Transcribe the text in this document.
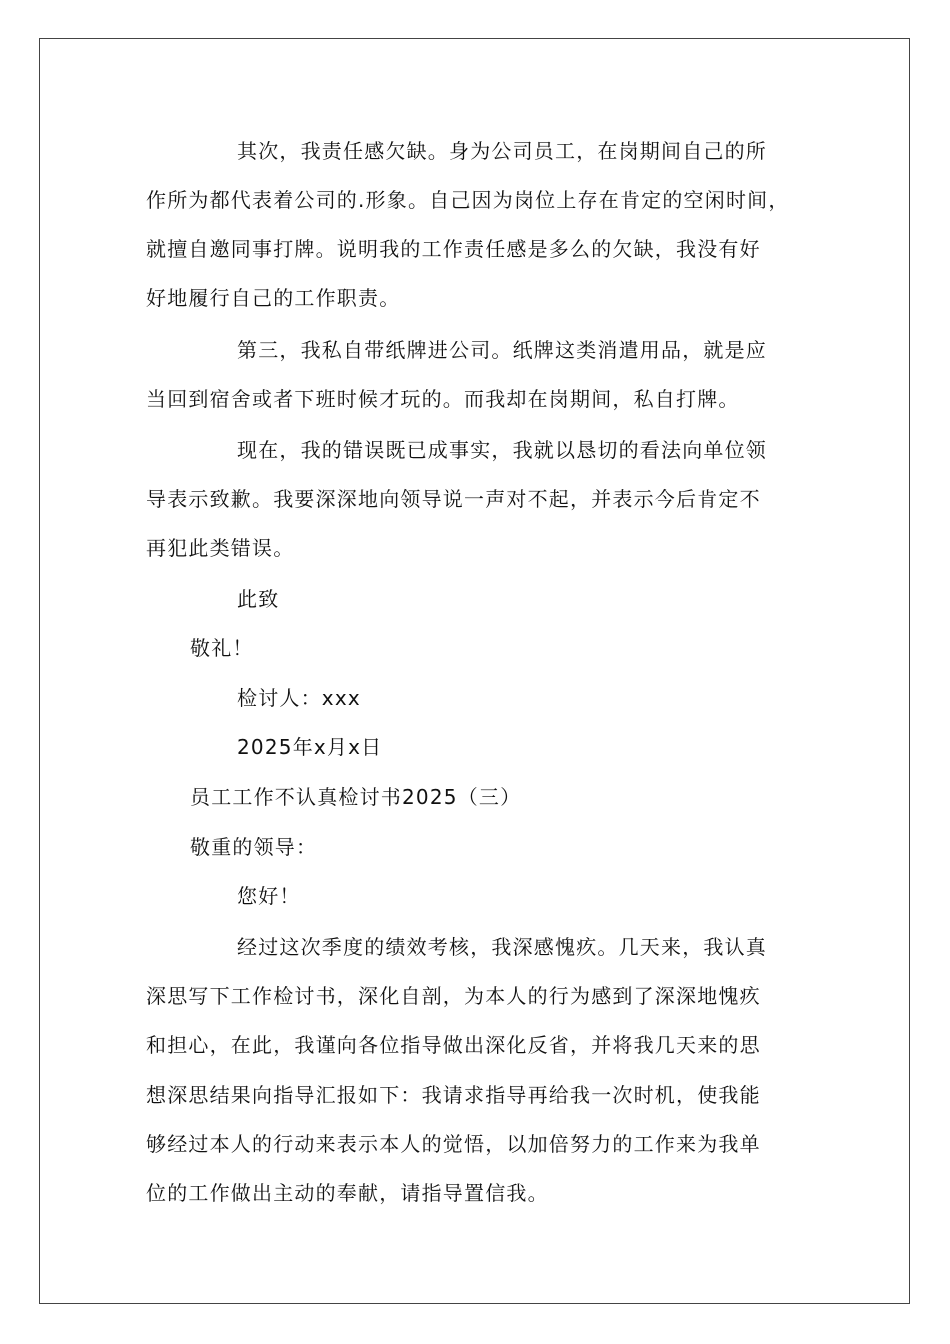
其次，我责任感欠缺。身为公司员工，在岗期间自己的所
作所为都代表着公司的.形象。自己因为岗位上存在肯定的空闲时间，
就擅自邀同事打牌。说明我的工作责任感是多么的欠缺，我没有好
好地履行自己的工作职责。
第三，我私自带纸牌进公司。纸牌这类消遣用品，就是应
当回到宿舍或者下班时候才玩的。而我却在岗期间，私自打牌。
现在，我的错误既已成事实，我就以恳切的看法向单位领
导表示致歉。我要深深地向领导说一声对不起，并表示今后肯定不
再犯此类错误。
此致
敬礼！
检讨人：xxx
2025年x月x日
员工工作不认真检讨书2025（三）
敬重的领导：
您好！
经过这次季度的绩效考核，我深感愧疚。几天来，我认真
深思写下工作检讨书，深化自剖，为本人的行为感到了深深地愧疚
和担心，在此，我谨向各位指导做出深化反省，并将我几天来的思
想深思结果向指导汇报如下：我请求指导再给我一次时机，使我能
够经过本人的行动来表示本人的觉悟，以加倍努力的工作来为我单
位的工作做出主动的奉献，请指导置信我。
